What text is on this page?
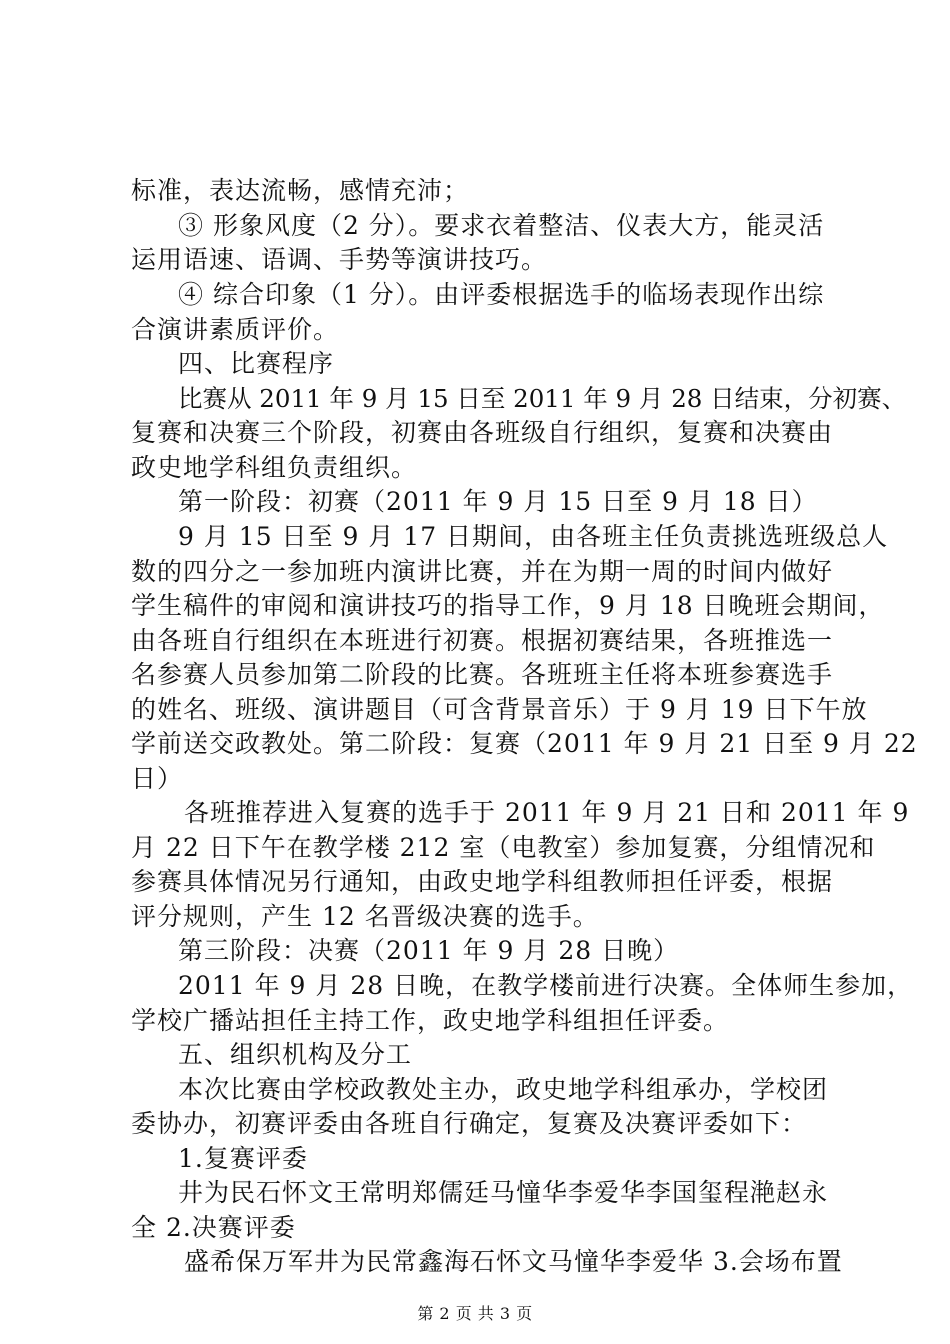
标准，表达流畅，感情充沛；
③ 形象风度（2 分）。要求衣着整洁、仪表大方，能灵活
运用语速、语调、手势等演讲技巧。
④ 综合印象（1 分）。由评委根据选手的临场表现作出综
合演讲素质评价。
四、比赛程序
比赛从 2011 年 9 月 15 日至 2011 年 9 月 28 日结束，分初赛、
复赛和决赛三个阶段，初赛由各班级自行组织，复赛和决赛由
政史地学科组负责组织。
第一阶段：初赛（2011 年 9 月 15 日至 9 月 18 日）
9 月 15 日至 9 月 17 日期间，由各班主任负责挑选班级总人
数的四分之一参加班内演讲比赛，并在为期一周的时间内做好
学生稿件的审阅和演讲技巧的指导工作，9 月 18 日晚班会期间，
由各班自行组织在本班进行初赛。根据初赛结果，各班推选一
名参赛人员参加第二阶段的比赛。各班班主任将本班参赛选手
的姓名、班级、演讲题目（可含背景音乐）于 9 月 19 日下午放
学前送交政教处。第二阶段：复赛（2011 年 9 月 21 日至 9 月 22
日）
各班推荐进入复赛的选手于 2011 年 9 月 21 日和 2011 年 9
月 22 日下午在教学楼 212 室（电教室）参加复赛，分组情况和
参赛具体情况另行通知，由政史地学科组教师担任评委，根据
评分规则，产生 12 名晋级决赛的选手。
第三阶段：决赛（2011 年 9 月 28 日晚）
2011 年 9 月 28 日晚，在教学楼前进行决赛。全体师生参加，
学校广播站担任主持工作，政史地学科组担任评委。
五、组织机构及分工
本次比赛由学校政教处主办，政史地学科组承办，学校团
委协办，初赛评委由各班自行确定，复赛及决赛评委如下：
1.复赛评委
井为民石怀文王常明郑儒廷马憧华李爱华李国玺程滟赵永
全 2.决赛评委
盛希保万军井为民常鑫海石怀文马憧华李爱华 3.会场布置
第 2 页 共 3 页
